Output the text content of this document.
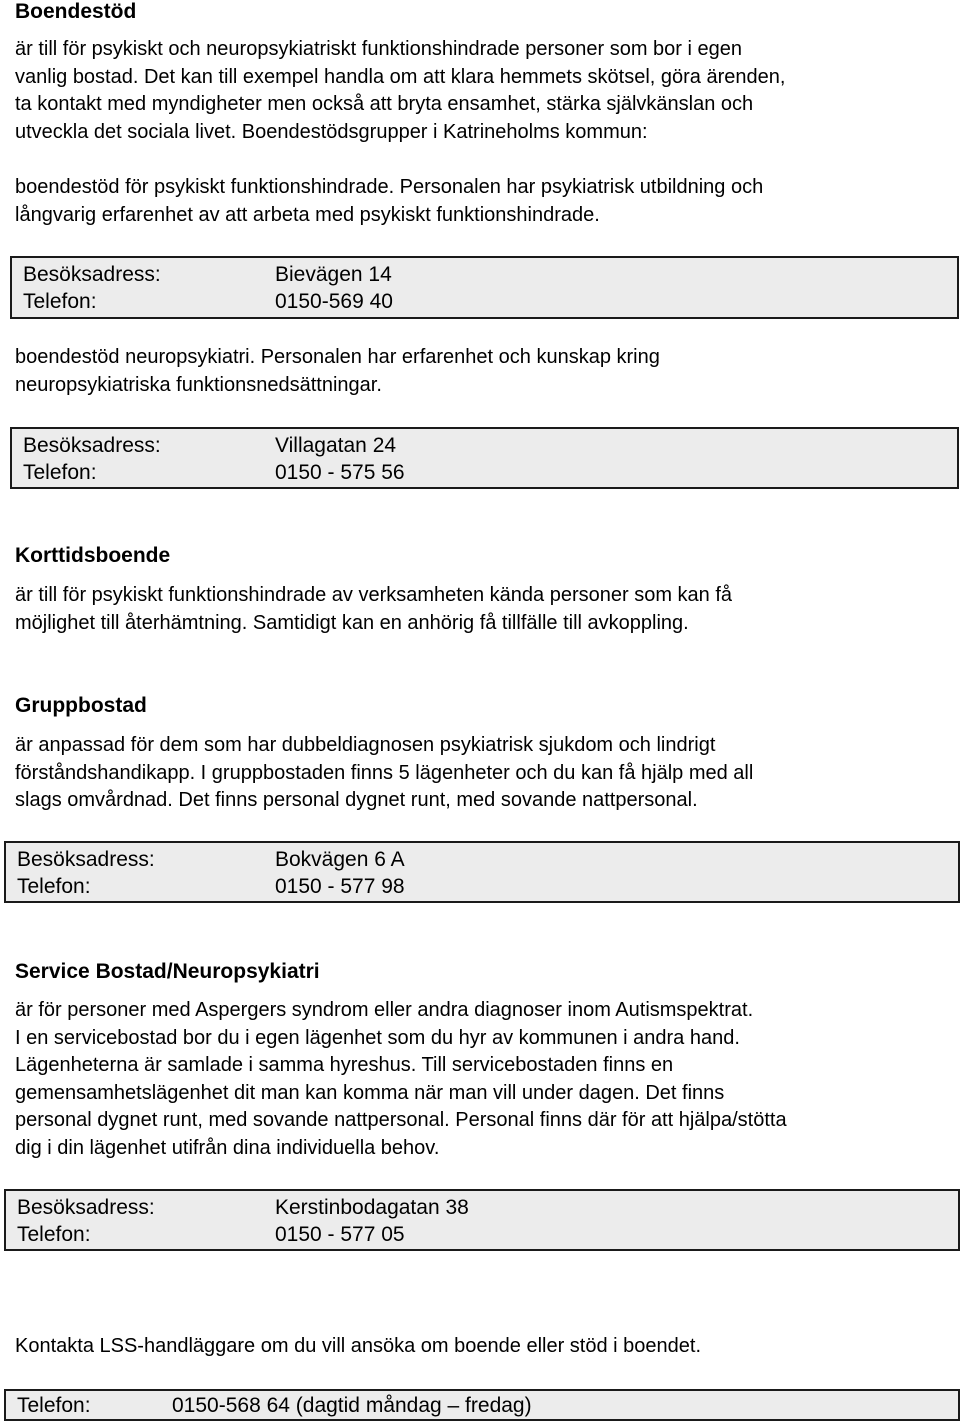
Boendestöd
är till för psykiskt och neuropsykiatriskt funktionshindrade personer som bor i egen
vanlig bostad. Det kan till exempel handla om att klara hemmets skötsel, göra ärenden,
ta kontakt med myndigheter men också att bryta ensamhet, stärka självkänslan och
utveckla det sociala livet. Boendestödsgrupper i Katrineholms kommun:
boendestöd för psykiskt funktionshindrade. Personalen har psykiatrisk utbildning och
långvarig erfarenhet av att arbeta med psykiskt funktionshindrade.
Besöksadress:	Bievägen 14
Telefon:	0150-569 40
boendestöd neuropsykiatri. Personalen har erfarenhet och kunskap kring
neuropsykiatriska funktionsnedsättningar.
Besöksadress:	Villagatan 24
Telefon:	0150 - 575 56
Korttidsboende
är till för psykiskt funktionshindrade av verksamheten kända personer som kan få
möjlighet till återhämtning. Samtidigt kan en anhörig få tillfälle till avkoppling.
Gruppbostad
är anpassad för dem som har dubbeldiagnosen psykiatrisk sjukdom och lindrigt
förståndshandikapp. I gruppbostaden finns 5 lägenheter och du kan få hjälp med all
slags omvårdnad. Det finns personal dygnet runt, med sovande nattpersonal.
Besöksadress:	Bokvägen 6 A
Telefon:	0150 - 577 98
Service Bostad/Neuropsykiatri
är för personer med Aspergers syndrom eller andra diagnoser inom Autismspektrat.
I en servicebostad bor du i egen lägenhet som du hyr av kommunen i andra hand.
Lägenheterna är samlade i samma hyreshus. Till servicebostaden finns en
gemensamhetslägenhet dit man kan komma när man vill under dagen. Det finns
personal dygnet runt, med sovande nattpersonal. Personal finns där för att hjälpa/stötta
dig i din lägenhet utifrån dina individuella behov.
Besöksadress:	Kerstinbodagatan 38
Telefon:	0150 - 577 05
Kontakta LSS-handläggare om du vill ansöka om boende eller stöd i boendet.
Telefon:	0150-568 64 (dagtid måndag – fredag)
